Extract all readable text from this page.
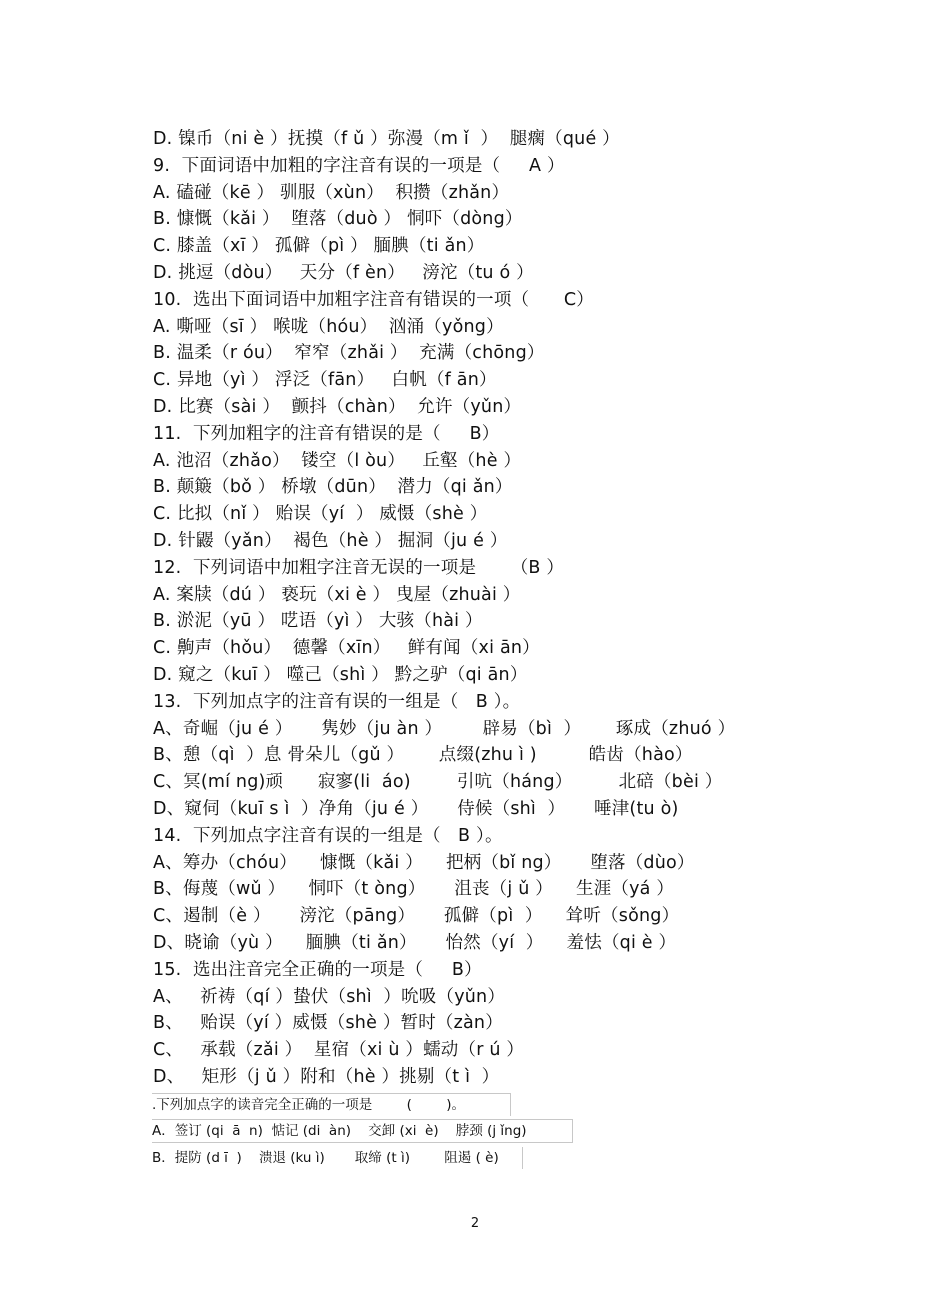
D. 镍币（ni è ）抚摸（f ǔ ）弥漫（m ǐ  ）  腿瘸（qué ）
9.  下面词语中加粗的字注音有误的一项是（     A ）
A. 磕碰（kē ） 驯服（xùn）  积攒（zhǎn）
B. 慷慨（kǎi ）  堕落（duò ） 恫吓（dòng）
C. 膝盖（xī ） 孤僻（pì ） 腼腆（ti ǎn）
D. 挑逗（dòu）   天分（f èn）   滂沱（tu ó ）
10.  选出下面词语中加粗字注音有错误的一项（      C）
A. 嘶哑（sī ） 喉咙（hóu）  汹涌（yǒng）
B. 温柔（r óu）  窄窄（zhǎi ）  充满（chōng）
C. 异地（yì ） 浮泛（fān）   白帆（f ān）
D. 比赛（sài ）  颤抖（chàn）  允许（yǔn）
11.  下列加粗字的注音有错误的是（     B）
A. 池沼（zhǎo）  镂空（l òu）   丘壑（hè ）
B. 颠簸（bǒ ） 桥墩（dūn）  潜力（qi ǎn）
C. 比拟（nǐ ） 贻误（yí  ） 威慑（shè ）
D. 针鼹（yǎn）  褐色（hè ） 掘洞（ju é ）
12.  下列词语中加粗字注音无误的一项是      （B ）
A. 案牍（dú ） 亵玩（xi è ） 曳屋（zhuài ）
B. 淤泥（yū ） 呓语（yì ） 大骇（hài ）
C. 齁声（hǒu）  德馨（xīn）   鲜有闻（xi ān）
D. 窥之（kuī ） 噬己（shì ） 黔之驴（qi ān）
13.  下列加点字的注音有误的一组是（   B ）。
A、奇崛（ju é ）     隽妙（ju àn ）       辟易（bì  ）      琢成（zhuó ）
B、憩（qì  ）息 骨朵儿（gǔ ）      点缀(zhu ì )         皓齿（hào）
C、冥(mí ng)顽      寂寥(li  áo)        引吭（háng）        北碚（bèi ）
D、窥伺（kuī s ì  ）净角（ju é ）     侍候（shì  ）     唾津(tu ò)
14.  下列加点字注音有误的一组是（   B ）。
A、筹办（chóu）    慷慨（kǎi ）    把柄（bǐ ng）     堕落（dùo）
B、侮蔑（wǔ ）    恫吓（t òng）     沮丧（j ǔ ）    生涯（yá ）
C、遏制（è ）     滂沱（pāng）     孤僻（pì  ）    耸听（sǒng）
D、晓谕（yù ）    腼腆（ti ǎn）     怡然（yí  ）    羞怯（qi è ）
15.  选出注音完全正确的一项是（     B）
A、   祈祷（qí ）蛰伏（shì  ）吮吸（yǔn）
B、   贻误（yí ）威慑（shè ）暂时（zàn）
C、   承载（zǎi ）  星宿（xi ù ）蠕动（r ú ）
D、   矩形（j ǔ ）附和（hè ）挑剔（t ì  ）
.下列加点字的读音完全正确的一项是        (        )。
A．签订 (qi  ā  n)  惦记 (di  àn)    交卸 (xi  è)    脖颈 (j ǐng)
B．提防 (d ī  )    溃退 (ku ì)       取缔 (t ì)        阻遏 ( è)
2
